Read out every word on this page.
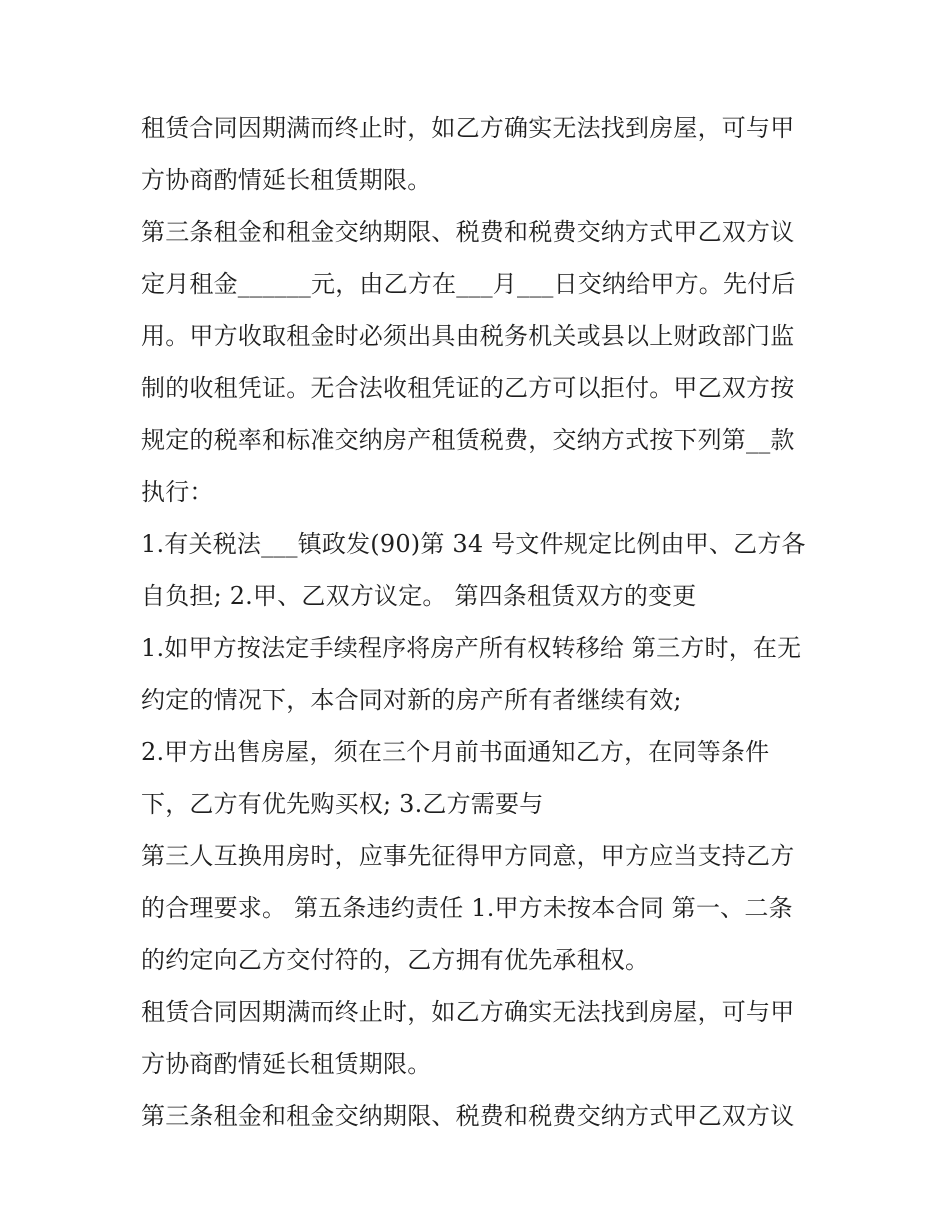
租赁合同因期满而终止时，如乙方确实无法找到房屋，可与甲
方协商酌情延长租赁期限。
第三条租金和租金交纳期限、税费和税费交纳方式甲乙双方议
定月租金______元，由乙方在___月___日交纳给甲方。先付后
用。甲方收取租金时必须出具由税务机关或县以上财政部门监
制的收租凭证。无合法收租凭证的乙方可以拒付。甲乙双方按
规定的税率和标准交纳房产租赁税费，交纳方式按下列第__款
执行：
1.有关税法___镇政发(90)第 34 号文件规定比例由甲、乙方各
自负担; 2.甲、乙双方议定。 第四条租赁双方的变更
1.如甲方按法定手续程序将房产所有权转移给 第三方时，在无
约定的情况下，本合同对新的房产所有者继续有效;
2.甲方出售房屋，须在三个月前书面通知乙方，在同等条件
下，乙方有优先购买权; 3.乙方需要与
第三人互换用房时，应事先征得甲方同意，甲方应当支持乙方
的合理要求。 第五条违约责任 1.甲方未按本合同 第一、二条
的约定向乙方交付符的，乙方拥有优先承租权。
租赁合同因期满而终止时，如乙方确实无法找到房屋，可与甲
方协商酌情延长租赁期限。
第三条租金和租金交纳期限、税费和税费交纳方式甲乙双方议
